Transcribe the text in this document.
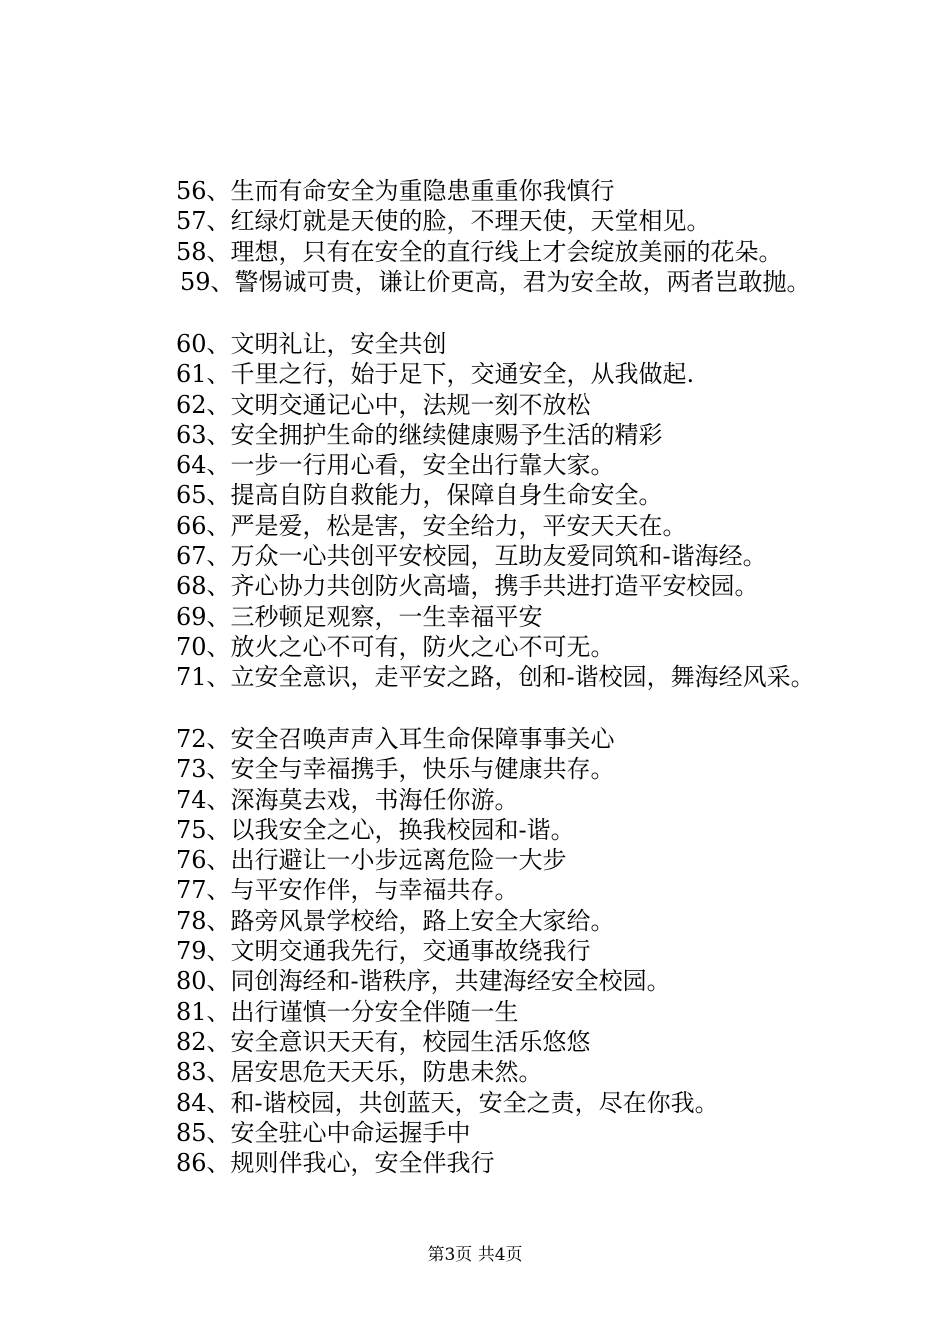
56、生而有命安全为重隐患重重你我慎行
57、红绿灯就是天使的脸，不理天使，天堂相见。
58、理想，只有在安全的直行线上才会绽放美丽的花朵。
59、警惕诚可贵，谦让价更高，君为安全故，两者岂敢抛。
60、文明礼让，安全共创
61、千里之行，始于足下，交通安全，从我做起.
62、文明交通记心中，法规一刻不放松
63、安全拥护生命的继续健康赐予生活的精彩
64、一步一行用心看，安全出行靠大家。
65、提高自防自救能力，保障自身生命安全。
66、严是爱，松是害，安全给力，平安天天在。
67、万众一心共创平安校园，互助友爱同筑和-谐海经。
68、齐心协力共创防火高墙，携手共进打造平安校园。
69、三秒顿足观察，一生幸福平安
70、放火之心不可有，防火之心不可无。
71、立安全意识，走平安之路，创和-谐校园，舞海经风采。
72、安全召唤声声入耳生命保障事事关心
73、安全与幸福携手，快乐与健康共存。
74、深海莫去戏，书海任你游。
75、以我安全之心，换我校园和-谐。
76、出行避让一小步远离危险一大步
77、与平安作伴，与幸福共存。
78、路旁风景学校给，路上安全大家给。
79、文明交通我先行，交通事故绕我行
80、同创海经和-谐秩序，共建海经安全校园。
81、出行谨慎一分安全伴随一生
82、安全意识天天有，校园生活乐悠悠
83、居安思危天天乐，防患未然。
84、和-谐校园，共创蓝天，安全之责，尽在你我。
85、安全驻心中命运握手中
86、规则伴我心，安全伴我行
第3页 共4页
